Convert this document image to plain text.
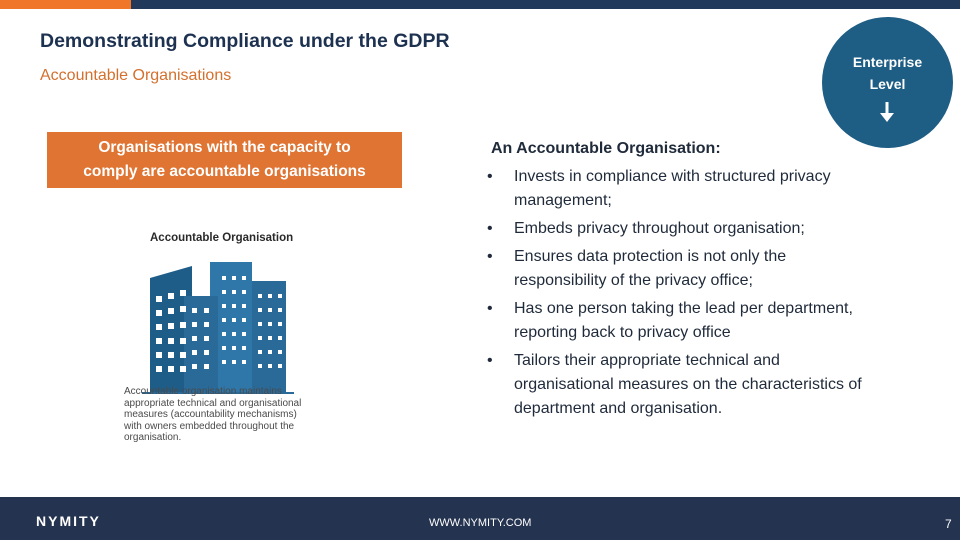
Demonstrating Compliance under the GDPR
Accountable Organisations
Enterprise
Level
Organisations with the capacity to
comply are accountable organisations
Accountable Organisation
Accountable organisation maintains
appropriate technical and organisational
measures (accountability mechanisms)
with owners embedded throughout the
organisation.
An Accountable Organisation:
• Invests in compliance with structured privacy
management;
• Embeds privacy throughout organisation;
• Ensures data protection is not only the
responsibility of the privacy office;
• Has one person taking the lead per department,
reporting back to privacy office
• Tailors their appropriate technical and
organisational measures on the characteristics of
department and organisation.
NYMITY	WWW.NYMITY.COM	7
